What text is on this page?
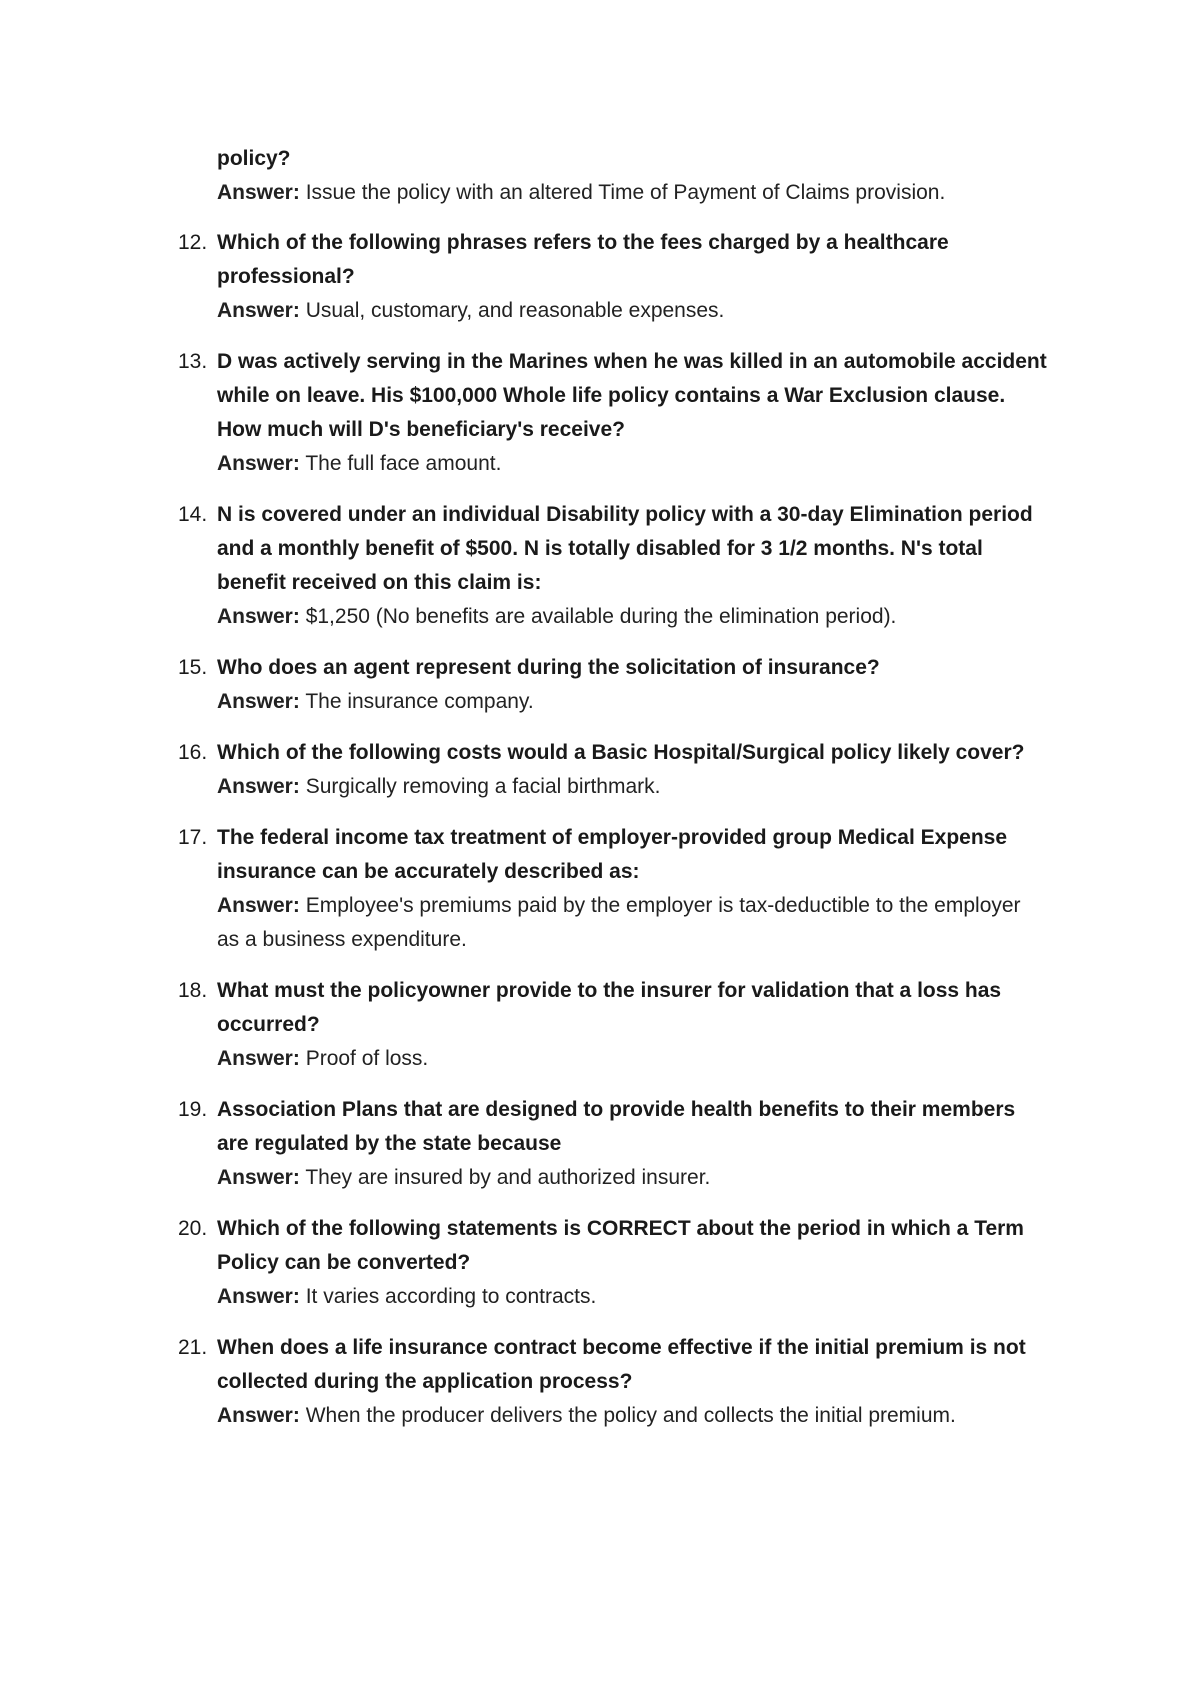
policy?

Answer: Issue the policy with an altered Time of Payment of Claims provision.

12. Which of the following phrases refers to the fees charged by a healthcare professional?

Answer: Usual, customary, and reasonable expenses.

13. D was actively serving in the Marines when he was killed in an automobile accident while on leave. His $100,000 Whole life policy contains a War Exclusion clause. How much will D's beneficiary's receive?

Answer: The full face amount.

14. N is covered under an individual Disability policy with a 30-day Elimination period and a monthly benefit of $500. N is totally disabled for 3 1/2 months. N's total benefit received on this claim is:

Answer: $1,250 (No benefits are available during the elimination period).

15. Who does an agent represent during the solicitation of insurance?

Answer: The insurance company.

16. Which of the following costs would a Basic Hospital/Surgical policy likely cover?

Answer: Surgically removing a facial birthmark.

17. The federal income tax treatment of employer-provided group Medical Expense insurance can be accurately described as:

Answer: Employee's premiums paid by the employer is tax-deductible to the employer as a business expenditure.

18. What must the policyowner provide to the insurer for validation that a loss has occurred?

Answer: Proof of loss.

19. Association Plans that are designed to provide health benefits to their members are regulated by the state because

Answer: They are insured by and authorized insurer.

20. Which of the following statements is CORRECT about the period in which a Term Policy can be converted?

Answer: It varies according to contracts.

21. When does a life insurance contract become effective if the initial premium is not collected during the application process?

Answer: When the producer delivers the policy and collects the initial premium.
